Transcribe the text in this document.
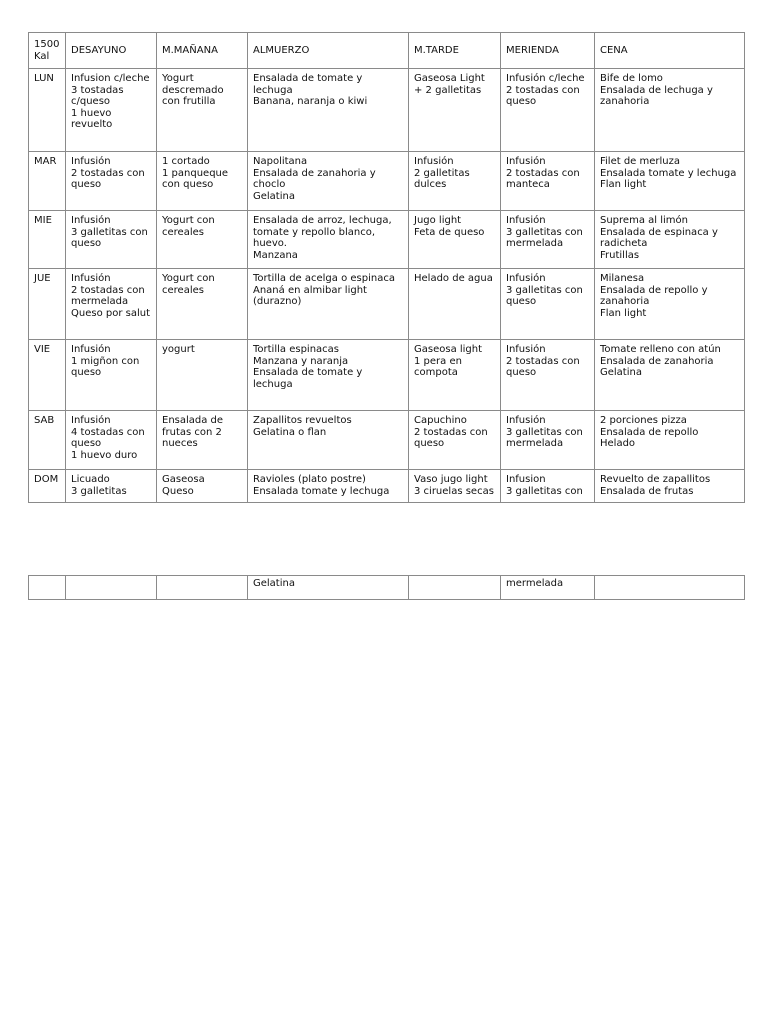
1500
Kal	DESAYUNO	M.MAÑANA	ALMUERZO	M.TARDE	MERIENDA	CENA
LUN	Infusion c/leche
3 tostadas c/queso
1 huevo revuelto	Yogurt descremado con frutilla	Ensalada de tomate y lechuga
Banana, naranja o kiwi	Gaseosa Light
+ 2 galletitas	Infusión c/leche
2 tostadas con queso	Bife de lomo
Ensalada de lechuga y zanahoria
MAR	Infusión
2 tostadas con queso	1 cortado
1 panqueque con queso	Napolitana
Ensalada de zanahoria y choclo
Gelatina	Infusión
2 galletitas dulces	Infusión
2 tostadas con manteca	Filet de merluza
Ensalada tomate y lechuga
Flan light
MIE	Infusión
3 galletitas con queso	Yogurt con cereales	Ensalada de arroz, lechuga, tomate y repollo blanco, huevo.
Manzana	Jugo light
Feta de queso	Infusión
3 galletitas con mermelada	Suprema al limón
Ensalada de espinaca y radicheta
Frutillas
JUE	Infusión
2 tostadas con mermelada
Queso por salut	Yogurt con cereales	Tortilla de acelga o espinaca
Ananá en almibar light (durazno)	Helado de agua	Infusión
3 galletitas con queso	Milanesa
Ensalada de repollo y zanahoria
Flan light
VIE	Infusión
1 migñon con queso	yogurt	Tortilla espinacas
Manzana y naranja
Ensalada de tomate y lechuga	Gaseosa light
1 pera en compota	Infusión
2 tostadas con queso	Tomate relleno con atún
Ensalada de zanahoria
Gelatina
SAB	Infusión
4 tostadas con queso
1 huevo duro	Ensalada de frutas con 2 nueces	Zapallitos revueltos
Gelatina o flan	Capuchino
2 tostadas con queso	Infusión
3 galletitas con mermelada	2 porciones pizza
Ensalada de repollo
Helado
DOM	Licuado
3 galletitas	Gaseosa
Queso	Ravioles (plato postre)
Ensalada tomate y lechuga	Vaso jugo light
3 ciruelas secas	Infusion
3 galletitas con	Revuelto de zapallitos
Ensalada de frutas
			Gelatina		mermelada	
